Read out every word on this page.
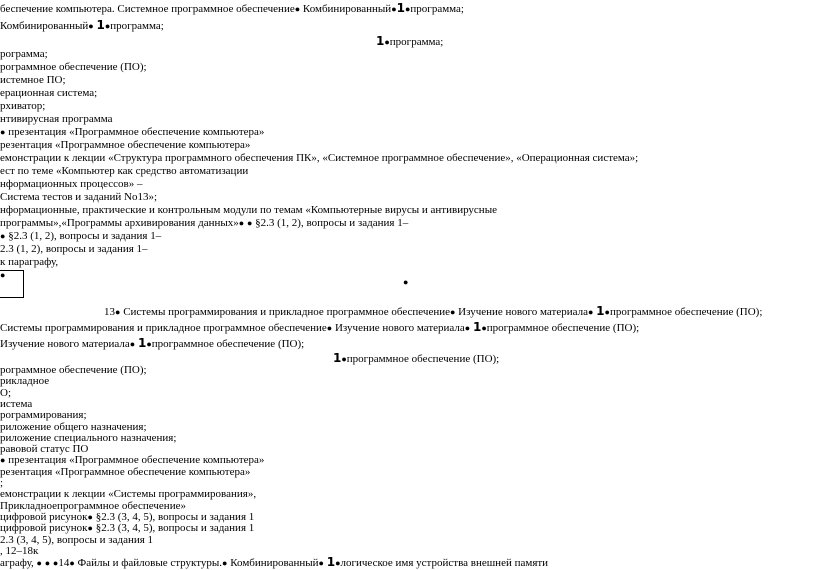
беспечение компьютера. Системное программное обеспечение● Комбинированный●1●программа;
Комбинированный● 1●программа;
1●программа;
рограмма;
рограммное обеспечение (ПО);
истемное ПО;
ерационная система;
рхиватор;
нтивирусная программа
● презентация «Программное обеспечение компьютера»
резентация «Программное обеспечение компьютера»
емонстрации к лекции «Структура программного обеспечения ПК», «Системное программное обеспечение», «Операционная система»;
ест по теме «Компьютер как средство автоматизации
нформационных процессов» –
Система тестов и заданий No13»;
нформационные, практические и контрольным модули по темам «Компьютерные вирусы и антивирусные
программы»,«Программы архивирования данных»● ● §2.3 (1, 2), вопросы и задания 1–
● §2.3 (1, 2), вопросы и задания 1–
2.3 (1, 2), вопросы и задания 1–
к параграфу,
●
●
13● Системы программирования и прикладное программное обеспечение● Изучение нового материала● 1●программное обеспечение (ПО);
Системы программирования и прикладное программное обеспечение● Изучение нового материала● 1●программное обеспечение (ПО);
Изучение нового материала● 1●программное обеспечение (ПО);
1●программное обеспечение (ПО);
рограммное обеспечение (ПО);
рикладное
О;
истема
рограммирования;
риложение общего назначения;
риложение специального назначения;
равовой статус ПО
● презентация «Программное обеспечение компьютера»
резентация «Программное обеспечение компьютера»
;
емонстрации к лекции «Системы программирования»,
Прикладноепрограммное обеспечение»
цифровой рисунок● §2.3 (3, 4, 5), вопросы и задания 1
цифровой рисунок● §2.3 (3, 4, 5), вопросы и задания 1
2.3 (3, 4, 5), вопросы и задания 1
, 12–18к
аграфу, ● ● ●14● Файлы и файловые структуры.● Комбинированный● 1●логическое имя устройства внешней памяти
